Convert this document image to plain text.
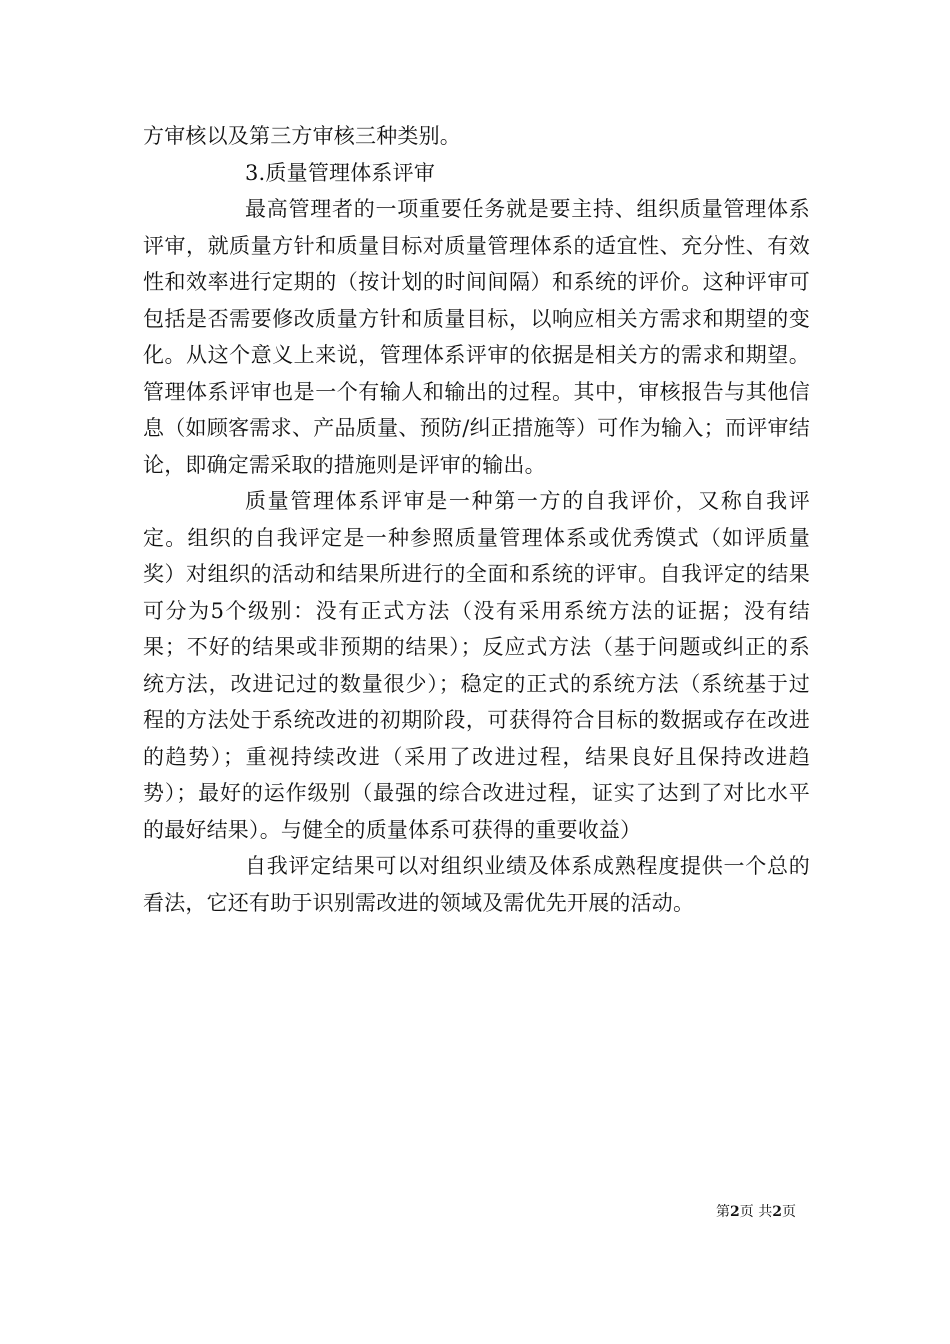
方审核以及第三方审核三种类别。

3.质量管理体系评审

最高管理者的一项重要任务就是要主持、组织质量管理体系评审，就质量方针和质量目标对质量管理体系的适宜性、充分性、有效性和效率进行定期的（按计划的时间间隔）和系统的评价。这种评审可包括是否需要修改质量方针和质量目标，以响应相关方需求和期望的变化。从这个意义上来说，管理体系评审的依据是相关方的需求和期望。管理体系评审也是一个有输人和输出的过程。其中，审核报告与其他信息（如顾客需求、产品质量、预防/纠正措施等）可作为输入；而评审结论，即确定需采取的措施则是评审的输出。

质量管理体系评审是一种第一方的自我评价，又称自我评定。组织的自我评定是一种参照质量管理体系或优秀馍式（如评质量奖）对组织的活动和结果所进行的全面和系统的评审。自我评定的结果可分为5个级别：没有正式方法（没有采用系统方法的证据；没有结果；不好的结果或非预期的结果）；反应式方法（基于问题或纠正的系统方法，改进记过的数量很少）；稳定的正式的系统方法（系统基于过程的方法处于系统改进的初期阶段，可获得符合目标的数据或存在改进的趋势）；重视持续改进（采用了改进过程，结果良好且保持改进趋势）；最好的运作级别（最强的综合改进过程，证实了达到了对比水平的最好结果）。与健全的质量体系可获得的重要收益）

自我评定结果可以对组织业绩及体系成熟程度提供一个总的看法，它还有助于识别需改进的领域及需优先开展的活动。

第2页 共2页
